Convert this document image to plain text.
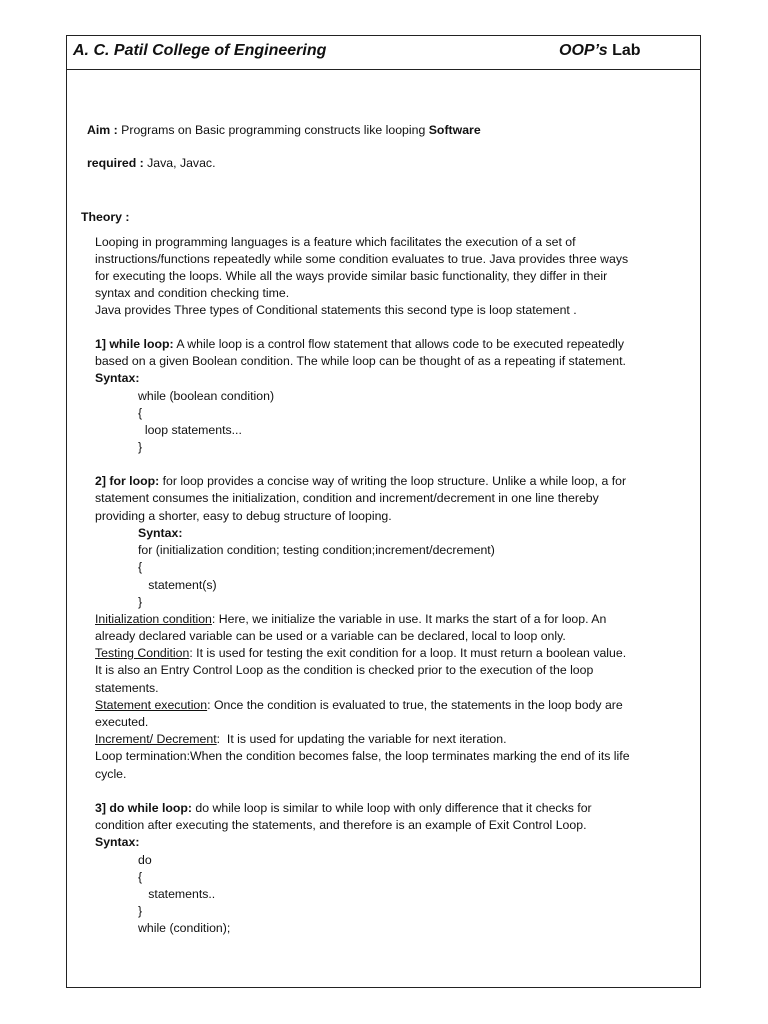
A. C. Patil College of Engineering	OOP’s Lab
Aim : Programs on Basic programming constructs like looping Software
required : Java, Javac.
Theory :
Looping in programming languages is a feature which facilitates the execution of a set of
instructions/functions repeatedly while some condition evaluates to true. Java provides three ways
for executing the loops. While all the ways provide similar basic functionality, they differ in their
syntax and condition checking time.
Java provides Three types of Conditional statements this second type is loop statement .
1] while loop: A while loop is a control flow statement that allows code to be executed repeatedly
based on a given Boolean condition. The while loop can be thought of as a repeating if statement.
Syntax:
while (boolean condition)
{
loop statements...
}
2] for loop: for loop provides a concise way of writing the loop structure. Unlike a while loop, a for
statement consumes the initialization, condition and increment/decrement in one line thereby
providing a shorter, easy to debug structure of looping.
Syntax:
for (initialization condition; testing condition;increment/decrement)
{
statement(s)
}
Initialization condition: Here, we initialize the variable in use. It marks the start of a for loop. An
already declared variable can be used or a variable can be declared, local to loop only.
Testing Condition: It is used for testing the exit condition for a loop. It must return a boolean value.
It is also an Entry Control Loop as the condition is checked prior to the execution of the loop
statements.
Statement execution: Once the condition is evaluated to true, the statements in the loop body are
executed.
Increment/ Decrement:  It is used for updating the variable for next iteration.
Loop termination:When the condition becomes false, the loop terminates marking the end of its life
cycle.
3] do while loop: do while loop is similar to while loop with only difference that it checks for
condition after executing the statements, and therefore is an example of Exit Control Loop.
Syntax:
do
{
statements..
}
while (condition);
